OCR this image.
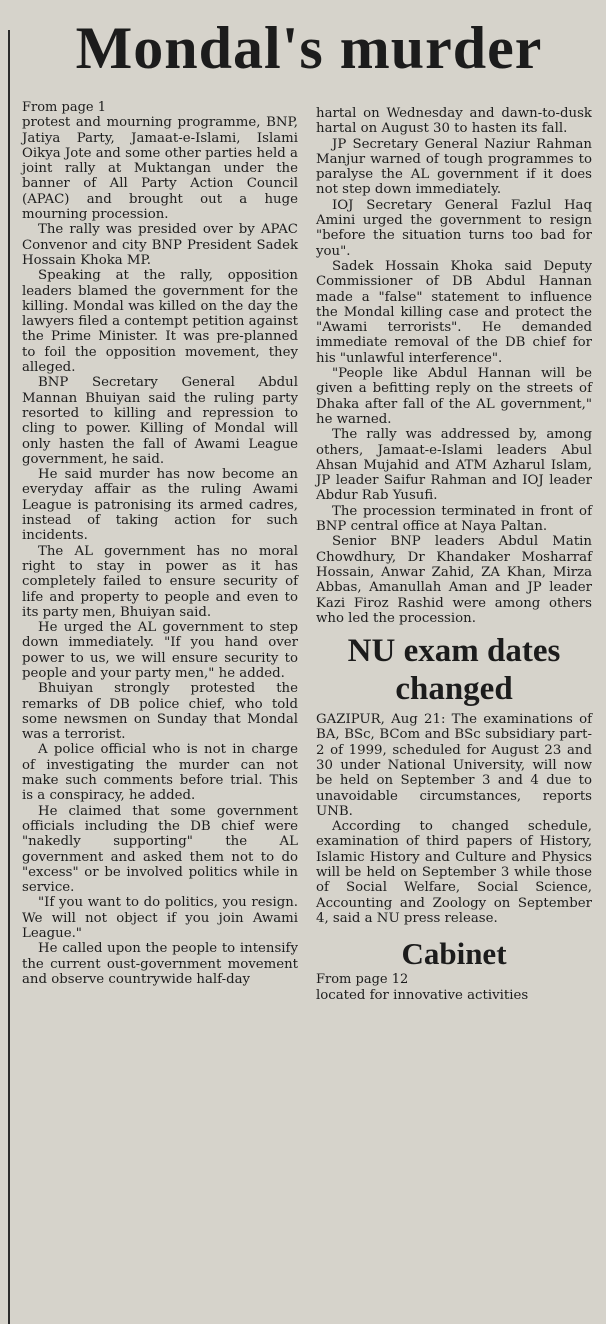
Mondal's murder

From page 1

protest and mourning programme, BNP, Jatiya Party, Jamaat-e-Islami, Islami Oikya Jote and some other parties held a joint rally at Muktangan under the banner of All Party Action Council (APAC) and brought out a huge mourning procession.

The rally was presided over by APAC Convenor and city BNP President Sadek Hossain Khoka MP.

Speaking at the rally, opposition leaders blamed the government for the killing. Mondal was killed on the day the lawyers filed a contempt petition against the Prime Minister. It was pre-planned to foil the opposition movement, they alleged.

BNP Secretary General Abdul Mannan Bhuiyan said the ruling party resorted to killing and repression to cling to power. Killing of Mondal will only hasten the fall of Awami League government, he said.

He said murder has now become an everyday affair as the ruling Awami League is patronising its armed cadres, instead of taking action for such incidents.

The AL government has no moral right to stay in power as it has completely failed to ensure security of life and property to people and even to its party men, Bhuiyan said.

He urged the AL government to step down immediately. "If you hand over power to us, we will ensure security to people and your party men," he added.

Bhuiyan strongly protested the remarks of DB police chief, who told some newsmen on Sunday that Mondal was a terrorist.

A police official who is not in charge of investigating the murder can not make such comments before trial. This is a conspiracy, he added.

He claimed that some government officials including the DB chief were "nakedly supporting" the AL government and asked them not to do "excess" or be involved politics while in service.

"If you want to do politics, you resign. We will not object if you join Awami League."

He called upon the people to intensify the current oust-government movement and observe countrywide half-day

hartal on Wednesday and dawn-to-dusk hartal on August 30 to hasten its fall.

JP Secretary General Naziur Rahman Manjur warned of tough programmes to paralyse the AL government if it does not step down immediately.

IOJ Secretary General Fazlul Haq Amini urged the government to resign "before the situation turns too bad for you".

Sadek Hossain Khoka said Deputy Commissioner of DB Abdul Hannan made a "false" statement to influence the Mondal killing case and protect the "Awami terrorists". He demanded immediate removal of the DB chief for his "unlawful interference".

"People like Abdul Hannan will be given a befitting reply on the streets of Dhaka after fall of the AL government," he warned.

The rally was addressed by, among others, Jamaat-e-Islami leaders Abul Ahsan Mujahid and ATM Azharul Islam, JP leader Saifur Rahman and IOJ leader Abdur Rab Yusufi.

The procession terminated in front of BNP central office at Naya Paltan.

Senior BNP leaders Abdul Matin Chowdhury, Dr Khandaker Mosharraf Hossain, Anwar Zahid, ZA Khan, Mirza Abbas, Amanullah Aman and JP leader Kazi Firoz Rashid were among others who led the procession.

NU exam dates changed

GAZIPUR, Aug 21: The examinations of BA, BSc, BCom and BSc subsidiary part-2 of 1999, scheduled for August 23 and 30 under National University, will now be held on September 3 and 4 due to unavoidable circumstances, reports UNB.

According to changed schedule, examination of third papers of History, Islamic History and Culture and Physics will be held on September 3 while those of Social Welfare, Social Science, Accounting and Zoology on September 4, said a NU press release.

Cabinet

From page 12

located for innovative activities
